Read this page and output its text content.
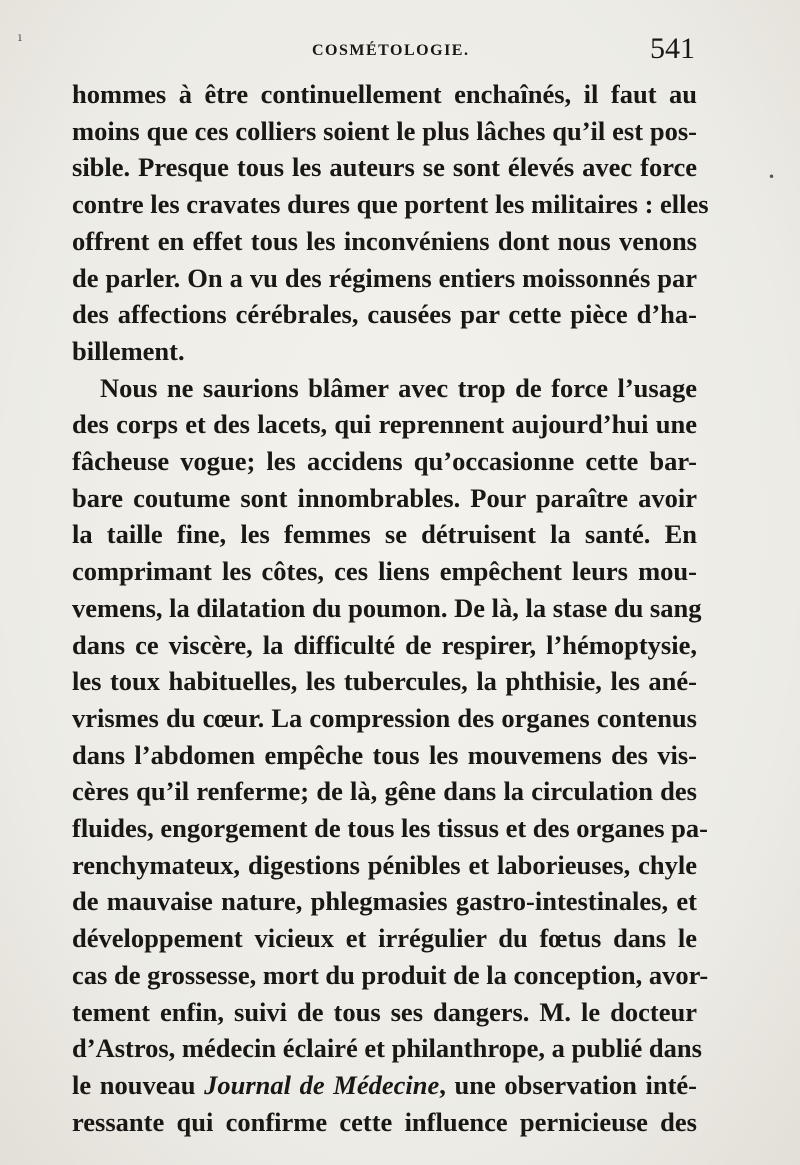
COSMÉTOLOGIE.	541
ı
•
hommes à être continuellement enchaînés, il faut au
moins que ces colliers soient le plus lâches qu’il est pos-
sible. Presque tous les auteurs se sont élevés avec force
contre les cravates dures que portent les militaires : elles
offrent en effet tous les inconvéniens dont nous venons
de parler. On a vu des régimens entiers moissonnés par
des affections cérébrales, causées par cette pièce d’ha-
billement.
Nous ne saurions blâmer avec trop de force l’usage
des corps et des lacets, qui reprennent aujourd’hui une
fâcheuse vogue; les accidens qu’occasionne cette bar-
bare coutume sont innombrables. Pour paraître avoir
la taille fine, les femmes se détruisent la santé. En
comprimant les côtes, ces liens empêchent leurs mou-
vemens, la dilatation du poumon. De là, la stase du sang
dans ce viscère, la difficulté de respirer, l’hémoptysie,
les toux habituelles, les tubercules, la phthisie, les ané-
vrismes du cœur. La compression des organes contenus
dans l’abdomen empêche tous les mouvemens des vis-
cères qu’il renferme; de là, gêne dans la circulation des
fluides, engorgement de tous les tissus et des organes pa-
renchymateux, digestions pénibles et laborieuses, chyle
de mauvaise nature, phlegmasies gastro-intestinales, et
développement vicieux et irrégulier du fœtus dans le
cas de grossesse, mort du produit de la conception, avor-
tement enfin, suivi de tous ses dangers. M. le docteur
d’Astros, médecin éclairé et philanthrope, a publié dans
le nouveau Journal de Médecine, une observation inté-
ressante qui confirme cette influence pernicieuse des
